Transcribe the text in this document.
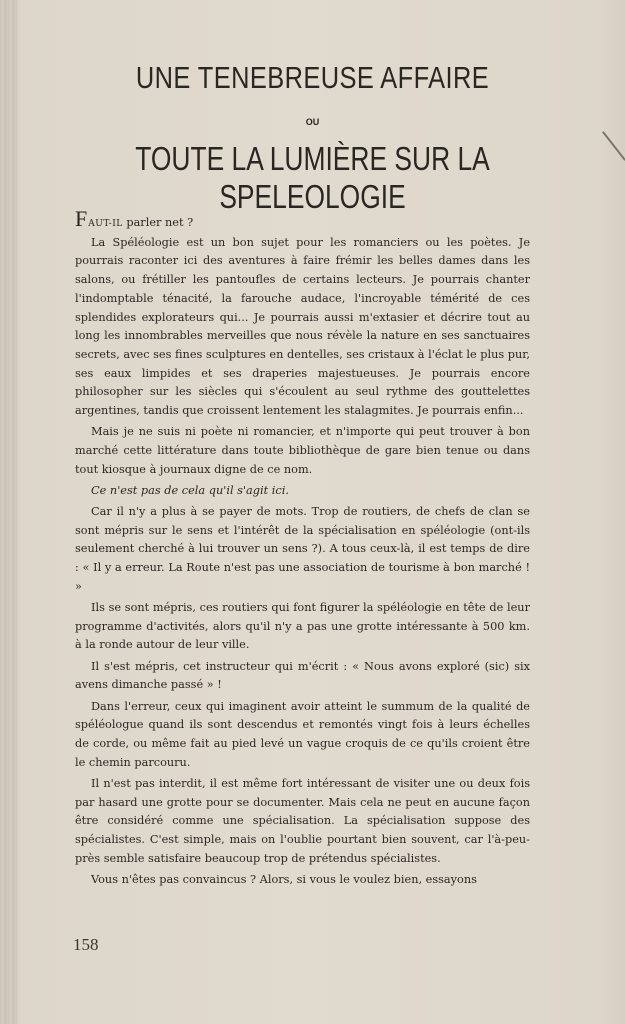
UNE TENEBREUSE AFFAIRE
OU
TOUTE LA LUMIÈRE SUR LA SPELEOLOGIE

FAUT-IL parler net ?

La Spéléologie est un bon sujet pour les romanciers ou les poètes. Je pourrais raconter ici des aventures à faire frémir les belles dames dans les salons, ou frétiller les pantoufles de certains lecteurs. Je pourrais chanter l'indomptable ténacité, la farouche audace, l'incroyable témérité de ces splendides explorateurs qui... Je pourrais aussi m'extasier et décrire tout au long les innombrables merveilles que nous révèle la nature en ses sanctuaires secrets, avec ses fines sculptures en dentelles, ses cristaux à l'éclat le plus pur, ses eaux limpides et ses draperies majestueuses. Je pourrais encore philosopher sur les siècles qui s'écoulent au seul rythme des gouttelettes argentines, tandis que croissent lentement les stalagmites. Je pourrais enfin...

Mais je ne suis ni poète ni romancier, et n'importe qui peut trouver à bon marché cette littérature dans toute bibliothèque de gare bien tenue ou dans tout kiosque à journaux digne de ce nom.

Ce n'est pas de cela qu'il s'agit ici.

Car il n'y a plus à se payer de mots. Trop de routiers, de chefs de clan se sont mépris sur le sens et l'intérêt de la spécialisation en spéléologie (ont-ils seulement cherché à lui trouver un sens ?). A tous ceux-là, il est temps de dire : « Il y a erreur. La Route n'est pas une association de tourisme à bon marché ! »

Ils se sont mépris, ces routiers qui font figurer la spéléologie en tête de leur programme d'activités, alors qu'il n'y a pas une grotte intéressante à 500 km. à la ronde autour de leur ville.

Il s'est mépris, cet instructeur qui m'écrit : « Nous avons exploré (sic) six avens dimanche passé » !

Dans l'erreur, ceux qui imaginent avoir atteint le summum de la qualité de spéléologue quand ils sont descendus et remontés vingt fois à leurs échelles de corde, ou même fait au pied levé un vague croquis de ce qu'ils croient être le chemin parcouru.

Il n'est pas interdit, il est même fort intéressant de visiter une ou deux fois par hasard une grotte pour se documenter. Mais cela ne peut en aucune façon être considéré comme une spécialisation. La spécialisation suppose des spécialistes. C'est simple, mais on l'oublie pourtant bien souvent, car l'à-peu-près semble satisfaire beaucoup trop de prétendus spécialistes.

Vous n'êtes pas convaincus ? Alors, si vous le voulez bien, essayons

158
